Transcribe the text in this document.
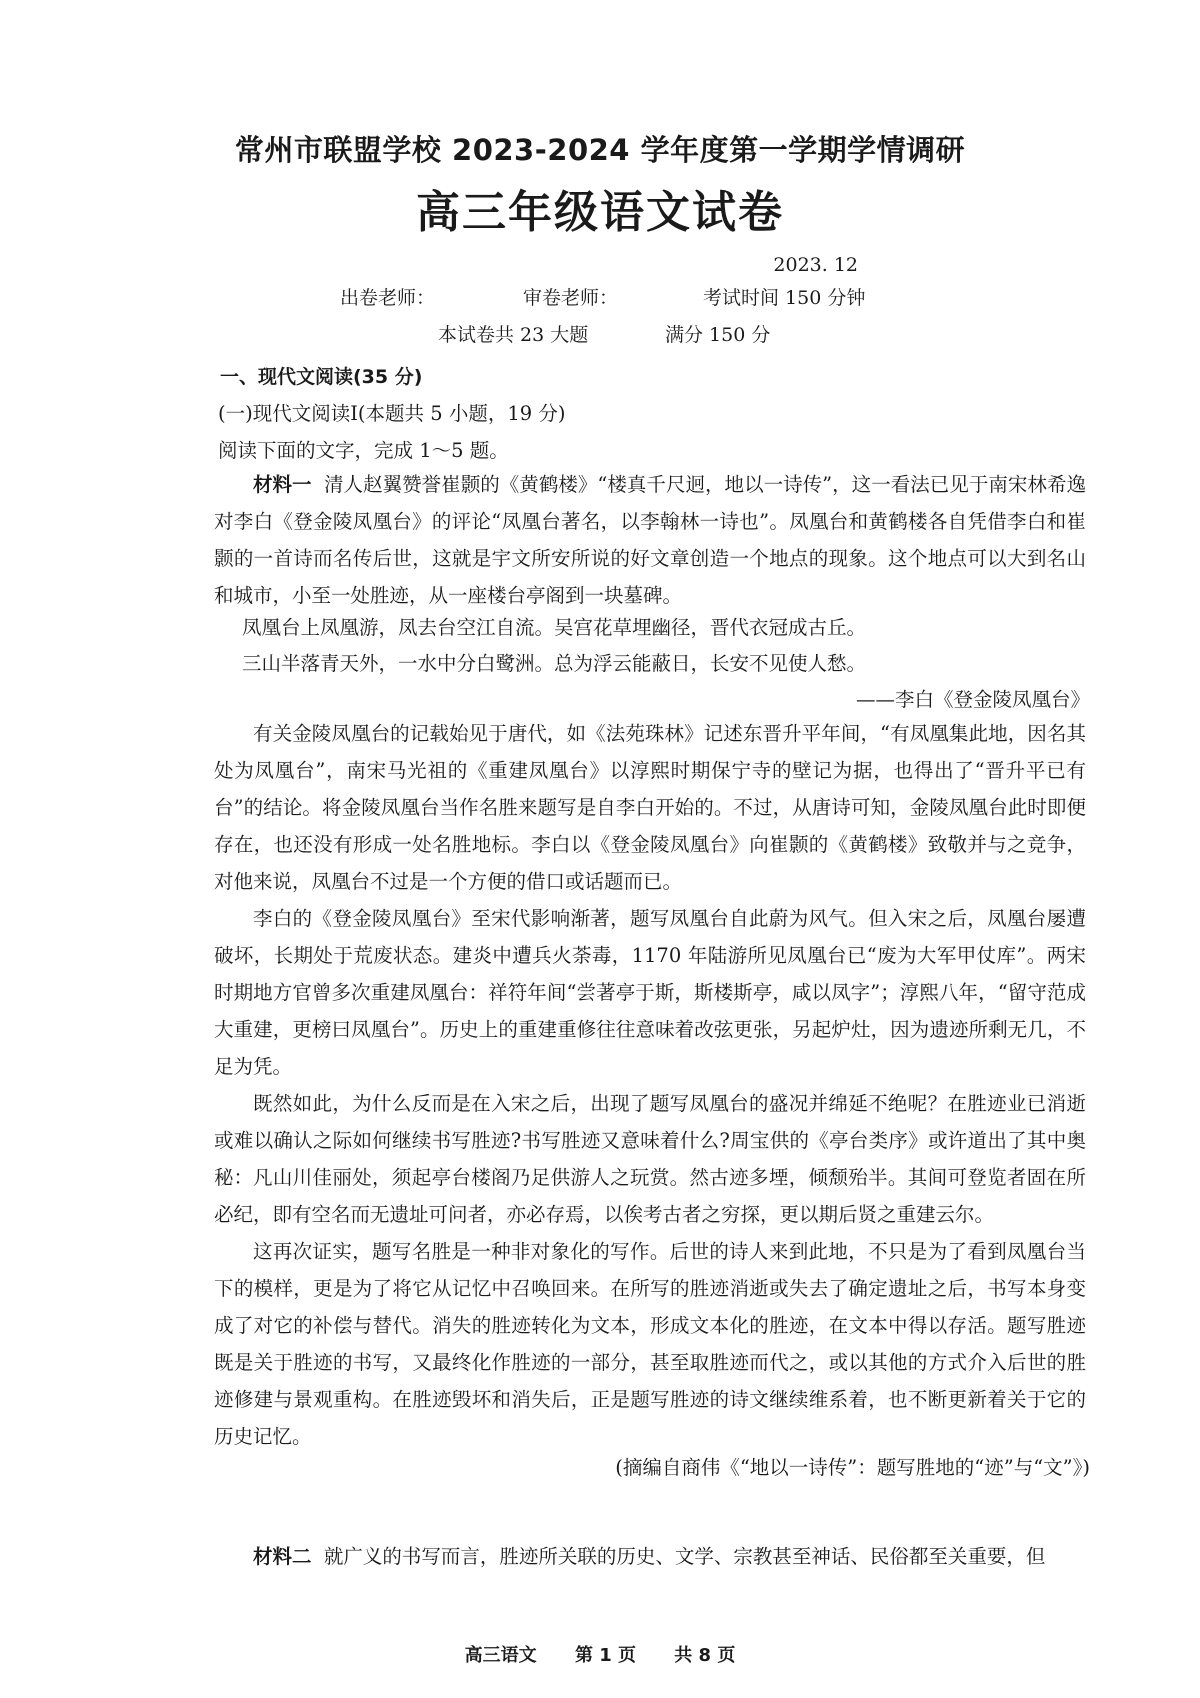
常州市联盟学校 2023-2024 学年度第一学期学情调研
高三年级语文试卷
2023. 12
出卷老师：	审卷老师：	考试时间 150 分钟
本试卷共 23 大题	满分 150 分
一、现代文阅读(35 分)
(一)现代文阅读Ⅰ(本题共 5 小题，19 分)
阅读下面的文字，完成 1～5 题。
材料一 清人赵翼赞誉崔颢的《黄鹤楼》“楼真千尺迥，地以一诗传”，这一看法已见于南宋林希逸对李白《登金陵凤凰台》的评论“凤凰台著名，以李翰林一诗也”。凤凰台和黄鹤楼各自凭借李白和崔颢的一首诗而名传后世，这就是宇文所安所说的好文章创造一个地点的现象。这个地点可以大到名山和城市，小至一处胜迹，从一座楼台亭阁到一块墓碑。
凤凰台上凤凰游，凤去台空江自流。吴宫花草埋幽径，晋代衣冠成古丘。
三山半落青天外，一水中分白鹭洲。总为浮云能蔽日，长安不见使人愁。
——李白《登金陵凤凰台》
有关金陵凤凰台的记载始见于唐代，如《法苑珠林》记述东晋升平年间，“有凤凰集此地，因名其处为凤凰台”，南宋马光祖的《重建凤凰台》以淳熙时期保宁寺的壁记为据，也得出了“晋升平已有台”的结论。将金陵凤凰台当作名胜来题写是自李白开始的。不过，从唐诗可知，金陵凤凰台此时即便存在，也还没有形成一处名胜地标。李白以《登金陵凤凰台》向崔颢的《黄鹤楼》致敬并与之竞争，对他来说，凤凰台不过是一个方便的借口或话题而已。
李白的《登金陵凤凰台》至宋代影响渐著，题写凤凰台自此蔚为风气。但入宋之后，凤凰台屡遭破坏，长期处于荒废状态。建炎中遭兵火荼毒，1170 年陆游所见凤凰台已“废为大军甲仗库”。两宋时期地方官曾多次重建凤凰台：祥符年间“尝著亭于斯，斯楼斯亭，咸以凤字”；淳熙八年，“留守范成大重建，更榜曰凤凰台”。历史上的重建重修往往意味着改弦更张，另起炉灶，因为遗迹所剩无几，不足为凭。
既然如此，为什么反而是在入宋之后，出现了题写凤凰台的盛况并绵延不绝呢？在胜迹业已消逝或难以确认之际如何继续书写胜迹?书写胜迹又意味着什么?周宝供的《亭台类序》或许道出了其中奥秘： 凡山川佳丽处，须起亭台楼阁乃足供游人之玩赏。然古迹多堙，倾颓殆半。其间可登览者固在所必纪，即有空名而无遗址可问者，亦必存焉，以俟考古者之穷探，更以期后贤之重建云尔。
这再次证实，题写名胜是一种非对象化的写作。后世的诗人来到此地，不只是为了看到凤凰台当下的模样，更是为了将它从记忆中召唤回来。在所写的胜迹消逝或失去了确定遗址之后，书写本身变成了对它的补偿与替代。消失的胜迹转化为文本，形成文本化的胜迹，在文本中得以存活。题写胜迹既是关于胜迹的书写，又最终化作胜迹的一部分，甚至取胜迹而代之，或以其他的方式介入后世的胜迹修建与景观重构。在胜迹毁坏和消失后，正是题写胜迹的诗文继续维系着，也不断更新着关于它的历史记忆。
(摘编自商伟《“地以一诗传”：题写胜地的“迹”与“文”》)
材料二 就广义的书写而言，胜迹所关联的历史、文学、宗教甚至神话、民俗都至关重要，但
高三语文 第 1 页 共 8 页
